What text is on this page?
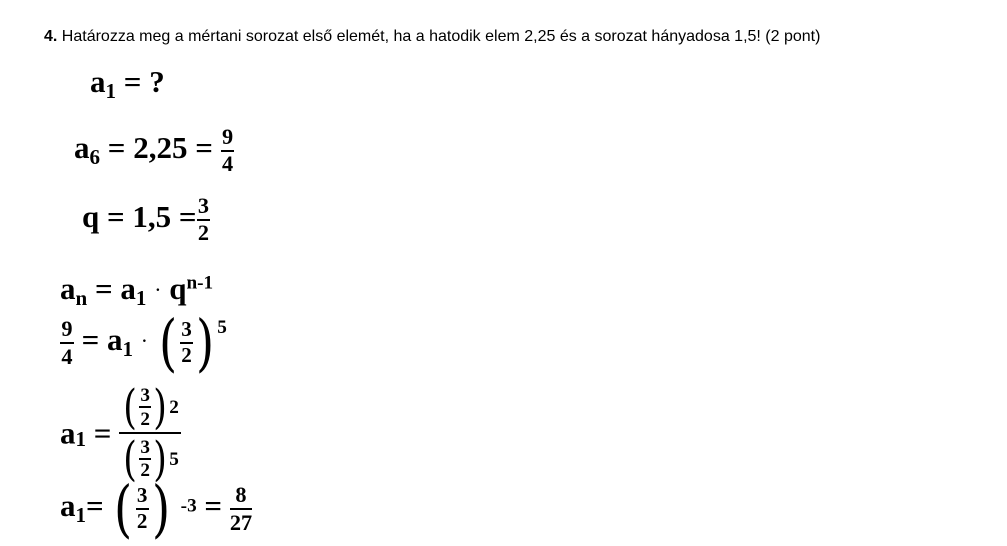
4. Határozza meg a mértani sorozat első elemét, ha a hatodik elem 2,25 és a sorozat hányadosa 1,5! (2 pont)
$a_1$ = ?
$a_6 = 2,25 = \frac{9}{4}$
$q = 1,5 = \frac{3}{2}$
$a_n = a_1 \cdot q^{n-1}$
$\frac{9}{4} = a_1$ · ( 3
2 ) $^5$
$a_1$ = ( 3
2 ) 2
( 3
2 ) 5
$a_1=$ ( 3
2 ) $-3 = \frac{8}{27}$
